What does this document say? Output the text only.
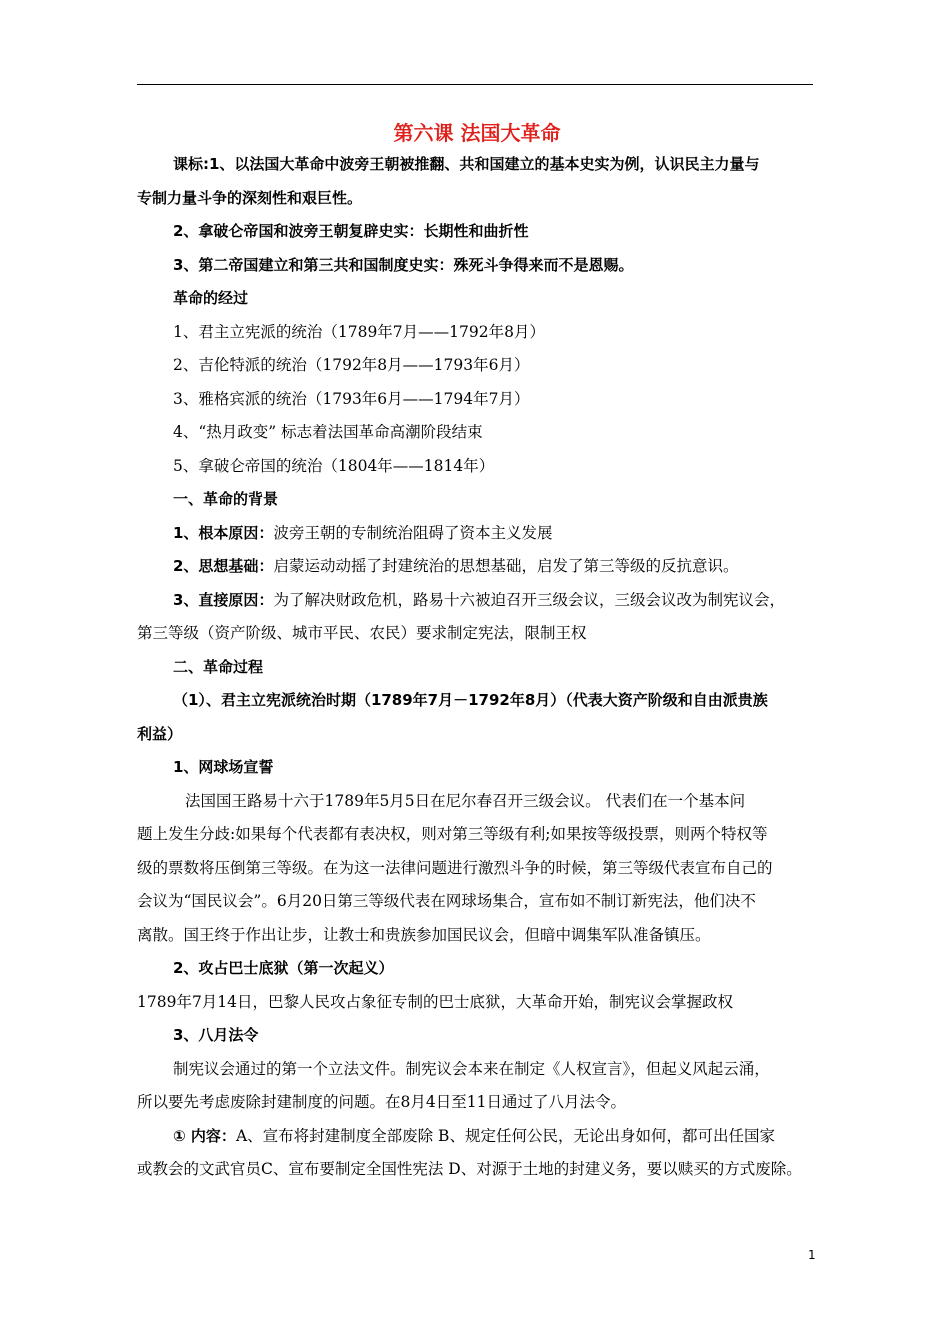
第六课 法国大革命
课标:1、以法国大革命中波旁王朝被推翻、共和国建立的基本史实为例，认识民主力量与
专制力量斗争的深刻性和艰巨性。
2、拿破仑帝国和波旁王朝复辟史实：长期性和曲折性
3、第二帝国建立和第三共和国制度史实：殊死斗争得来而不是恩赐。
革命的经过
1、君主立宪派的统治（1789年7月——1792年8月）
2、吉伦特派的统治（1792年8月——1793年6月）
3、雅格宾派的统治（1793年6月——1794年7月）
4、“热月政变” 标志着法国革命高潮阶段结束
5、拿破仑帝国的统治（1804年——1814年）
一、革命的背景
1、根本原因：波旁王朝的专制统治阻碍了资本主义发展
2、思想基础：启蒙运动动摇了封建统治的思想基础，启发了第三等级的反抗意识。
3、直接原因：为了解决财政危机，路易十六被迫召开三级会议，三级会议改为制宪议会，
第三等级（资产阶级、城市平民、农民）要求制定宪法，限制王权
二、革命过程
（1）、君主立宪派统治时期（1789年7月－1792年8月）（代表大资产阶级和自由派贵族
利益）
1、网球场宣誓
法国国王路易十六于1789年5月5日在尼尔春召开三级会议。 代表们在一个基本问
题上发生分歧:如果每个代表都有表决权，则对第三等级有利;如果按等级投票，则两个特权等
级的票数将压倒第三等级。在为这一法律问题进行激烈斗争的时候，第三等级代表宣布自己的
会议为“国民议会”。6月20日第三等级代表在网球场集合，宣布如不制订新宪法，他们决不
离散。国王终于作出让步，让教士和贵族参加国民议会，但暗中调集军队准备镇压。
2、攻占巴士底狱（第一次起义）
1789年7月14日，巴黎人民攻占象征专制的巴士底狱，大革命开始，制宪议会掌握政权
3、八月法令
制宪议会通过的第一个立法文件。制宪议会本来在制定《人权宣言》，但起义风起云涌，
所以要先考虑废除封建制度的问题。在8月4日至11日通过了八月法令。
① 内容：A、宣布将封建制度全部废除 B、规定任何公民，无论出身如何，都可出任国家
或教会的文武官员C、宣布要制定全国性宪法 D、对源于土地的封建义务，要以赎买的方式废除。
1
